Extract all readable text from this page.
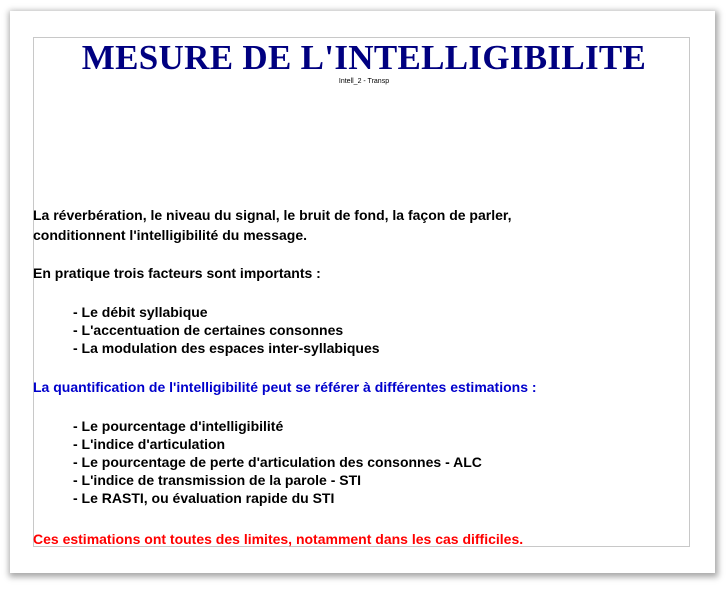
MESURE DE L'INTELLIGIBILITE
Intell_2 - Transp

La réverbération, le niveau du signal, le bruit de fond, la façon de parler,

conditionnent l'intelligibilité du message.

En pratique trois facteurs sont importants :

- Le débit syllabique
- L'accentuation de certaines consonnes
- La modulation des espaces inter-syllabiques

La quantification de l'intelligibilité peut se référer à différentes estimations :

- Le pourcentage d'intelligibilité
- L'indice d'articulation
- Le pourcentage de perte d'articulation des consonnes - ALC
- L'indice de transmission de la parole - STI
- Le RASTI, ou évaluation rapide du STI

Ces estimations ont toutes des limites, notamment dans les cas difficiles.
